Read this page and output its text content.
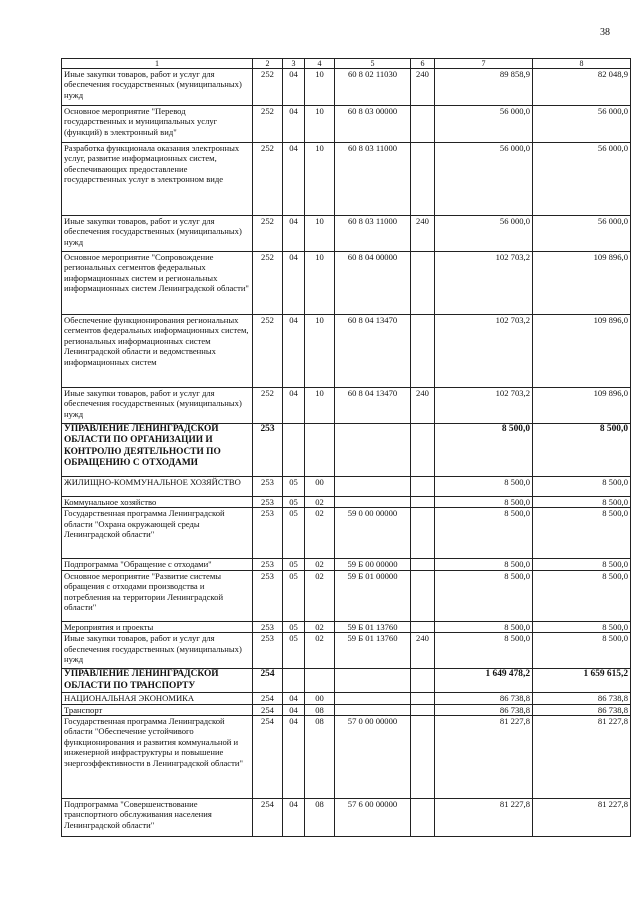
38
1	2	3	4	5	6	7	8
Иные закупки товаров, работ и услуг для обеспечения государственных (муниципальных) нужд	252	04	10	60 8 02 11030	240	89 858,9	82 048,9
Основное мероприятие "Перевод государственных и муниципальных услуг (функций) в электронный вид"	252	04	10	60 8 03 00000		56 000,0	56 000,0
Разработка функционала оказания электронных услуг, развитие информационных систем, обеспечивающих предоставление государственных услуг в электронном виде	252	04	10	60 8 03 11000		56 000,0	56 000,0
Иные закупки товаров, работ и услуг для обеспечения государственных (муниципальных) нужд	252	04	10	60 8 03 11000	240	56 000,0	56 000,0
Основное мероприятие "Сопровождение региональных сегментов федеральных информационных систем и региональных информационных систем Ленинградской области"	252	04	10	60 8 04 00000		102 703,2	109 896,0
Обеспечение функционирования региональных сегментов федеральных информационных систем, региональных информационных систем Ленинградской области и ведомственных информационных систем	252	04	10	60 8 04 13470		102 703,2	109 896,0
Иные закупки товаров, работ и услуг для обеспечения государственных (муниципальных) нужд	252	04	10	60 8 04 13470	240	102 703,2	109 896,0
УПРАВЛЕНИЕ ЛЕНИНГРАДСКОЙ ОБЛАСТИ ПО ОРГАНИЗАЦИИ И КОНТРОЛЮ ДЕЯТЕЛЬНОСТИ ПО ОБРАЩЕНИЮ С ОТХОДАМИ	253					8 500,0	8 500,0
ЖИЛИЩНО-КОММУНАЛЬНОЕ ХОЗЯЙСТВО	253	05	00			8 500,0	8 500,0
Коммунальное хозяйство	253	05	02			8 500,0	8 500,0
Государственная программа Ленинградской области "Охрана окружающей среды Ленинградской области"	253	05	02	59 0 00 00000		8 500,0	8 500,0
Подпрограмма "Обращение с отходами"	253	05	02	59 Б 00 00000		8 500,0	8 500,0
Основное мероприятие "Развитие системы обращения с отходами производства и потребления на территории Ленинградской области"	253	05	02	59 Б 01 00000		8 500,0	8 500,0
Мероприятия и проекты	253	05	02	59 Б 01 13760		8 500,0	8 500,0
Иные закупки товаров, работ и услуг для обеспечения государственных (муниципальных) нужд	253	05	02	59 Б 01 13760	240	8 500,0	8 500,0
УПРАВЛЕНИЕ ЛЕНИНГРАДСКОЙ ОБЛАСТИ ПО ТРАНСПОРТУ	254					1 649 478,2	1 659 615,2
НАЦИОНАЛЬНАЯ ЭКОНОМИКА	254	04	00			86 738,8	86 738,8
Транспорт	254	04	08			86 738,8	86 738,8
Государственная программа Ленинградской области "Обеспечение устойчивого функционирования и развития коммунальной и инженерной инфраструктуры и повышение энергоэффективности в Ленинградской области"	254	04	08	57 0 00 00000		81 227,8	81 227,8
Подпрограмма "Совершенствование транспортного обслуживания населения Ленинградской области"	254	04	08	57 6 00 00000		81 227,8	81 227,8
